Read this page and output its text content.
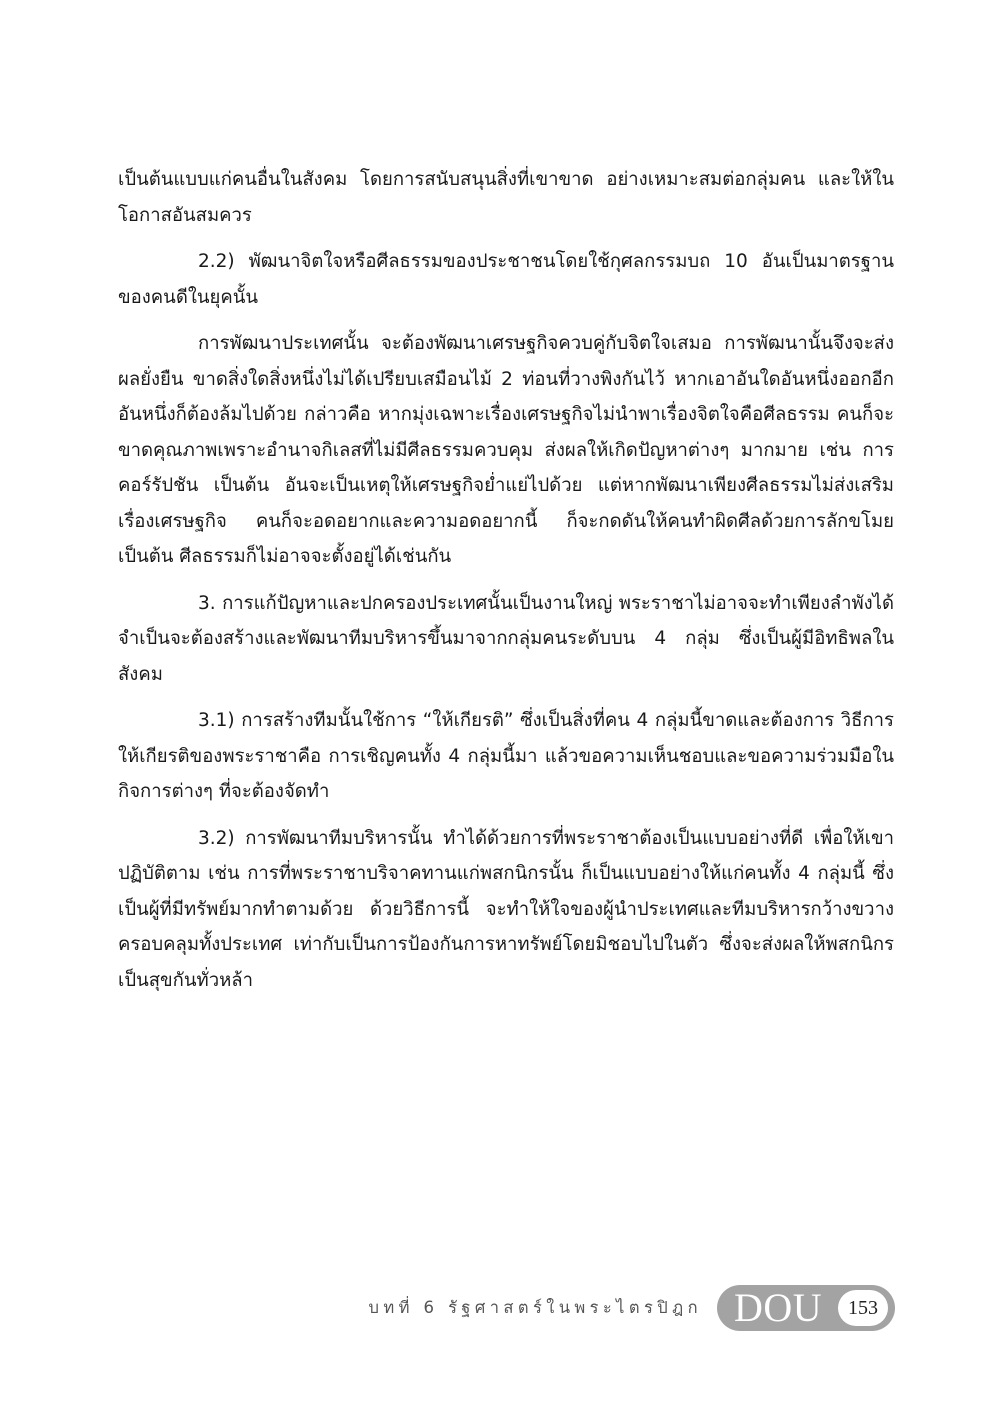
เป็นต้นแบบแก่คนอื่นในสังคม โดยการสนับสนุนสิ่งที่เขาขาด อย่างเหมาะสมต่อกลุ่มคน และให้ในโอกาสอันสมควร

2.2) พัฒนาจิตใจหรือศีลธรรมของประชาชนโดยใช้กุศลกรรมบถ 10 อันเป็นมาตรฐานของคนดีในยุคนั้น

การพัฒนาประเทศนั้น จะต้องพัฒนาเศรษฐกิจควบคู่กับจิตใจเสมอ การพัฒนานั้นจึงจะส่งผลยั่งยืน ขาดสิ่งใดสิ่งหนึ่งไม่ได้เปรียบเสมือนไม้ 2 ท่อนที่วางพิงกันไว้ หากเอาอันใดอันหนึ่งออกอีกอันหนึ่งก็ต้องล้มไปด้วย กล่าวคือ หากมุ่งเฉพาะเรื่องเศรษฐกิจไม่นำพาเรื่องจิตใจคือศีลธรรม คนก็จะขาดคุณภาพเพราะอำนาจกิเลสที่ไม่มีศีลธรรมควบคุม ส่งผลให้เกิดปัญหาต่างๆ มากมาย เช่น การคอร์รัปชัน เป็นต้น อันจะเป็นเหตุให้เศรษฐกิจย่ำแย่ไปด้วย แต่หากพัฒนาเพียงศีลธรรมไม่ส่งเสริมเรื่องเศรษฐกิจ คนก็จะอดอยากและความอดอยากนี้ ก็จะกดดันให้คนทำผิดศีลด้วยการลักขโมย เป็นต้น ศีลธรรมก็ไม่อาจจะตั้งอยู่ได้เช่นกัน

3. การแก้ปัญหาและปกครองประเทศนั้นเป็นงานใหญ่ พระราชาไม่อาจจะทำเพียงลำพังได้ จำเป็นจะต้องสร้างและพัฒนาทีมบริหารขึ้นมาจากกลุ่มคนระดับบน 4 กลุ่ม ซึ่งเป็นผู้มีอิทธิพลในสังคม

3.1) การสร้างทีมนั้นใช้การ “ให้เกียรติ” ซึ่งเป็นสิ่งที่คน 4 กลุ่มนี้ขาดและต้องการ วิธีการให้เกียรติของพระราชาคือ การเชิญคนทั้ง 4 กลุ่มนี้มา แล้วขอความเห็นชอบและขอความร่วมมือในกิจการต่างๆ ที่จะต้องจัดทำ

3.2) การพัฒนาทีมบริหารนั้น ทำได้ด้วยการที่พระราชาต้องเป็นแบบอย่างที่ดี เพื่อให้เขาปฏิบัติตาม เช่น การที่พระราชาบริจาคทานแก่พสกนิกรนั้น ก็เป็นแบบอย่างให้แก่คนทั้ง 4 กลุ่มนี้ ซึ่งเป็นผู้ที่มีทรัพย์มากทำตามด้วย ด้วยวิธีการนี้ จะทำให้ใจของผู้นำประเทศและทีมบริหารกว้างขวางครอบคลุมทั้งประเทศ เท่ากับเป็นการป้องกันการหาทรัพย์โดยมิชอบไปในตัว ซึ่งจะส่งผลให้พสกนิกรเป็นสุขกันทั่วหล้า

บทที่ 6 รัฐศาสตร์ในพระไตรปิฎก DOU	153
